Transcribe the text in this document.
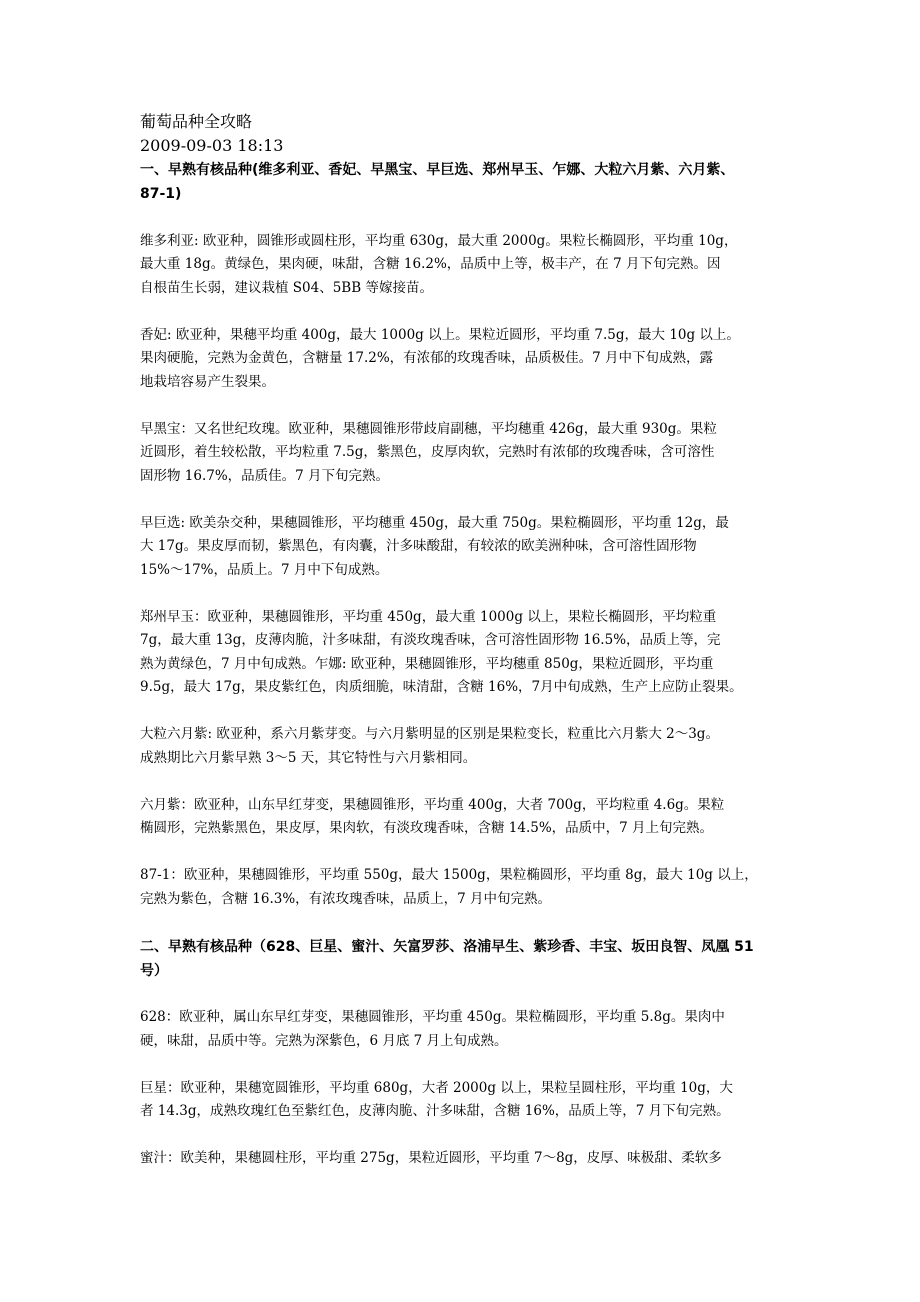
葡萄品种全攻略
2009-09-03 18:13
一、早熟有核品种(维多利亚、香妃、早黑宝、早巨选、郑州早玉、乍娜、大粒六月紫、六月紫、
87-1)
维多利亚: 欧亚种，圆锥形或圆柱形，平均重 630g，最大重 2000g。果粒长椭圆形，平均重 10g，
最大重 18g。黄绿色，果肉硬，味甜，含糖 16.2%，品质中上等，极丰产，在 7 月下旬完熟。因
自根苗生长弱，建议栽植 S04、5BB 等嫁接苗。
香妃: 欧亚种，果穗平均重 400g，最大 1000g 以上。果粒近圆形，平均重 7.5g，最大 10g 以上。
果肉硬脆，完熟为金黄色，含糖量 17.2%，有浓郁的玫瑰香味，品质极佳。7 月中下旬成熟，露
地栽培容易产生裂果。
早黑宝：又名世纪玫瑰。欧亚种，果穗圆锥形带歧肩副穗，平均穗重 426g，最大重 930g。果粒
近圆形，着生较松散，平均粒重 7.5g，紫黑色，皮厚肉软，完熟时有浓郁的玫瑰香味，含可溶性
固形物 16.7%，品质佳。7 月下旬完熟。
早巨选: 欧美杂交种，果穗圆锥形，平均穗重 450g，最大重 750g。果粒椭圆形，平均重 12g，最
大 17g。果皮厚而韧，紫黑色，有肉囊，汁多味酸甜，有较浓的欧美洲种味，含可溶性固形物
15%～17%，品质上。7 月中下旬成熟。
郑州早玉：欧亚种，果穗圆锥形，平均重 450g，最大重 1000g 以上，果粒长椭圆形，平均粒重
7g，最大重 13g，皮薄肉脆，汁多味甜，有淡玫瑰香味，含可溶性固形物 16.5%，品质上等，完
熟为黄绿色，7 月中旬成熟。乍娜: 欧亚种，果穗圆锥形，平均穗重 850g，果粒近圆形，平均重
9.5g，最大 17g，果皮紫红色，肉质细脆，味清甜，含糖 16%，7月中旬成熟，生产上应防止裂果。
大粒六月紫: 欧亚种，系六月紫芽变。与六月紫明显的区别是果粒变长，粒重比六月紫大 2～3g。
成熟期比六月紫早熟 3～5 天，其它特性与六月紫相同。
六月紫：欧亚种，山东早红芽变，果穗圆锥形，平均重 400g，大者 700g，平均粒重 4.6g。果粒
椭圆形，完熟紫黑色，果皮厚，果肉软，有淡玫瑰香味，含糖 14.5%，品质中，7 月上旬完熟。
87-1：欧亚种，果穗圆锥形，平均重 550g，最大 1500g，果粒椭圆形，平均重 8g，最大 10g 以上，
完熟为紫色，含糖 16.3%，有浓玫瑰香味，品质上，7 月中旬完熟。
二、早熟有核品种（628、巨星、蜜汁、矢富罗莎、洛浦早生、紫珍香、丰宝、坂田良智、凤凰 51
号）
628：欧亚种，属山东早红芽变，果穗圆锥形，平均重 450g。果粒椭圆形，平均重 5.8g。果肉中
硬，味甜，品质中等。完熟为深紫色，6 月底 7 月上旬成熟。
巨星：欧亚种，果穗宽圆锥形，平均重 680g，大者 2000g 以上，果粒呈圆柱形，平均重 10g，大
者 14.3g，成熟玫瑰红色至紫红色，皮薄肉脆、汁多味甜，含糖 16%，品质上等，7 月下旬完熟。
蜜汁：欧美种，果穗圆柱形，平均重 275g，果粒近圆形，平均重 7～8g，皮厚、味极甜、柔软多
